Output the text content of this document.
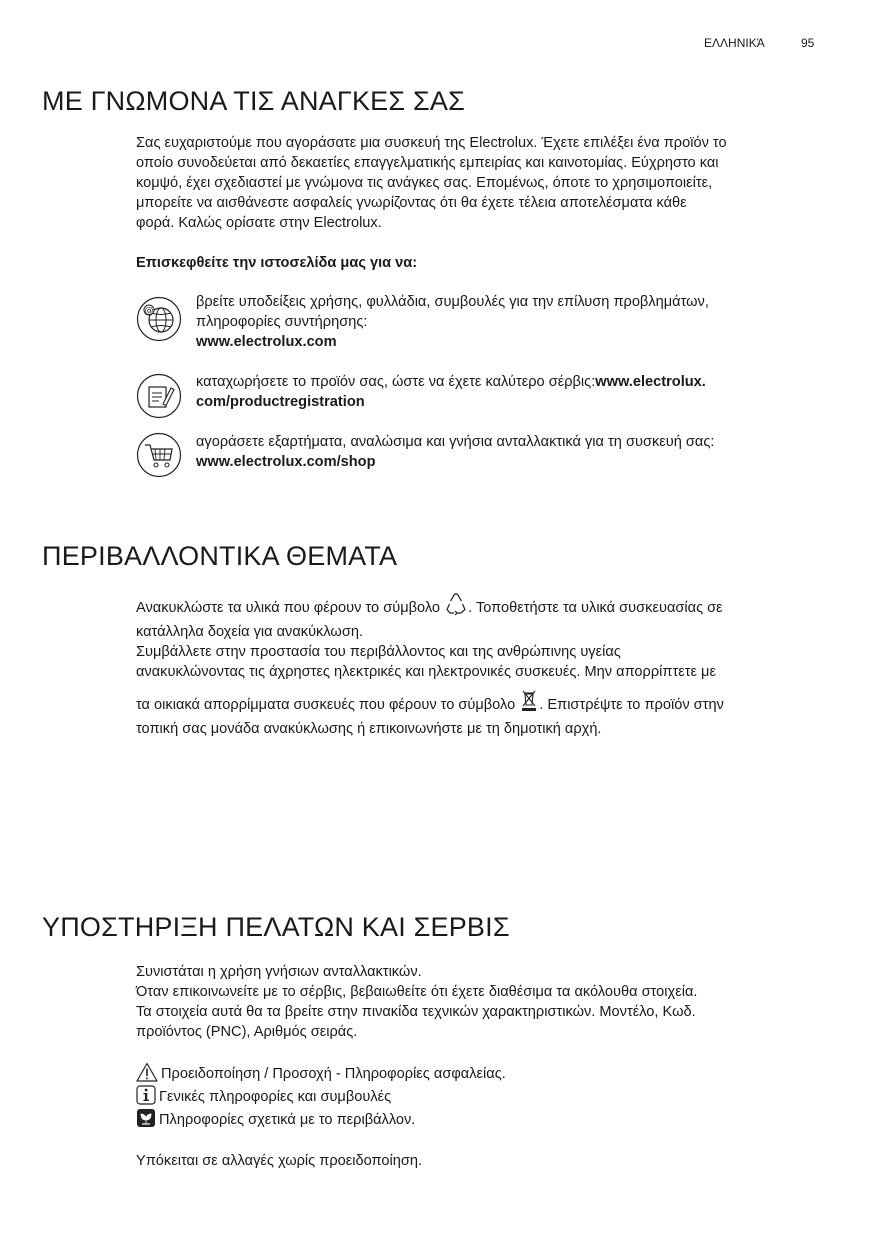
ΕΛΛΗΝΙΚΆ	95
ΜΕ ΓΝΩΜΟΝΑ ΤΙΣ ΑΝΑΓΚΕΣ ΣΑΣ
Σας ευχαριστούμε που αγοράσατε μια συσκευή της Electrolux. Έχετε επιλέξει ένα προϊόν το
οποίο συνοδεύεται από δεκαετίες επαγγελματικής εμπειρίας και καινοτομίας. Εύχρηστο και
κομψό, έχει σχεδιαστεί με γνώμονα τις ανάγκες σας. Επομένως, όποτε το χρησιμοποιείτε,
μπορείτε να αισθάνεστε ασφαλείς γνωρίζοντας ότι θα έχετε τέλεια αποτελέσματα κάθε
φορά. Καλώς ορίσατε στην Electrolux.
Επισκεφθείτε την ιστοσελίδα μας για να:
@
βρείτε υποδείξεις χρήσης, φυλλάδια, συμβουλές για την επίλυση προβλημάτων,
πληροφορίες συντήρησης:
www.electrolux.com
καταχωρήσετε το προϊόν σας, ώστε να έχετε καλύτερο σέρβις:www.electrolux.
com/productregistration
αγοράσετε εξαρτήματα, αναλώσιμα και γνήσια ανταλλακτικά για τη συσκευή σας:
www.electrolux.com/shop
ΠΕΡΙΒΑΛΛΟΝΤΙΚΑ ΘΕΜΑΤΑ
Ανακυκλώστε τα υλικά που φέρουν το σύμβολο . Τοποθετήστε τα υλικά συσκευασίας σε
κατάλληλα δοχεία για ανακύκλωση.
Συμβάλλετε στην προστασία του περιβάλλοντος και της ανθρώπινης υγείας
ανακυκλώνοντας τις άχρηστες ηλεκτρικές και ηλεκτρονικές συσκευές. Μην απορρίπτετε με
τα οικιακά απορρίμματα συσκευές που φέρουν το σύμβολο . Επιστρέψτε το προϊόν στην
τοπική σας μονάδα ανακύκλωσης ή επικοινωνήστε με τη δημοτική αρχή.
ΥΠΟΣΤΗΡΙΞΗ ΠΕΛΑΤΩΝ ΚΑΙ ΣΕΡΒΙΣ
Συνιστάται η χρήση γνήσιων ανταλλακτικών.
Όταν επικοινωνείτε με το σέρβις, βεβαιωθείτε ότι έχετε διαθέσιμα τα ακόλουθα στοιχεία.
Τα στοιχεία αυτά θα τα βρείτε στην πινακίδα τεχνικών χαρακτηριστικών. Μοντέλο, Κωδ.
προϊόντος (PNC), Αριθμός σειράς.
Προειδοποίηση / Προσοχή - Πληροφορίες ασφαλείας.
Γενικές πληροφορίες και συμβουλές
Πληροφορίες σχετικά με το περιβάλλον.
Υπόκειται σε αλλαγές χωρίς προειδοποίηση.
